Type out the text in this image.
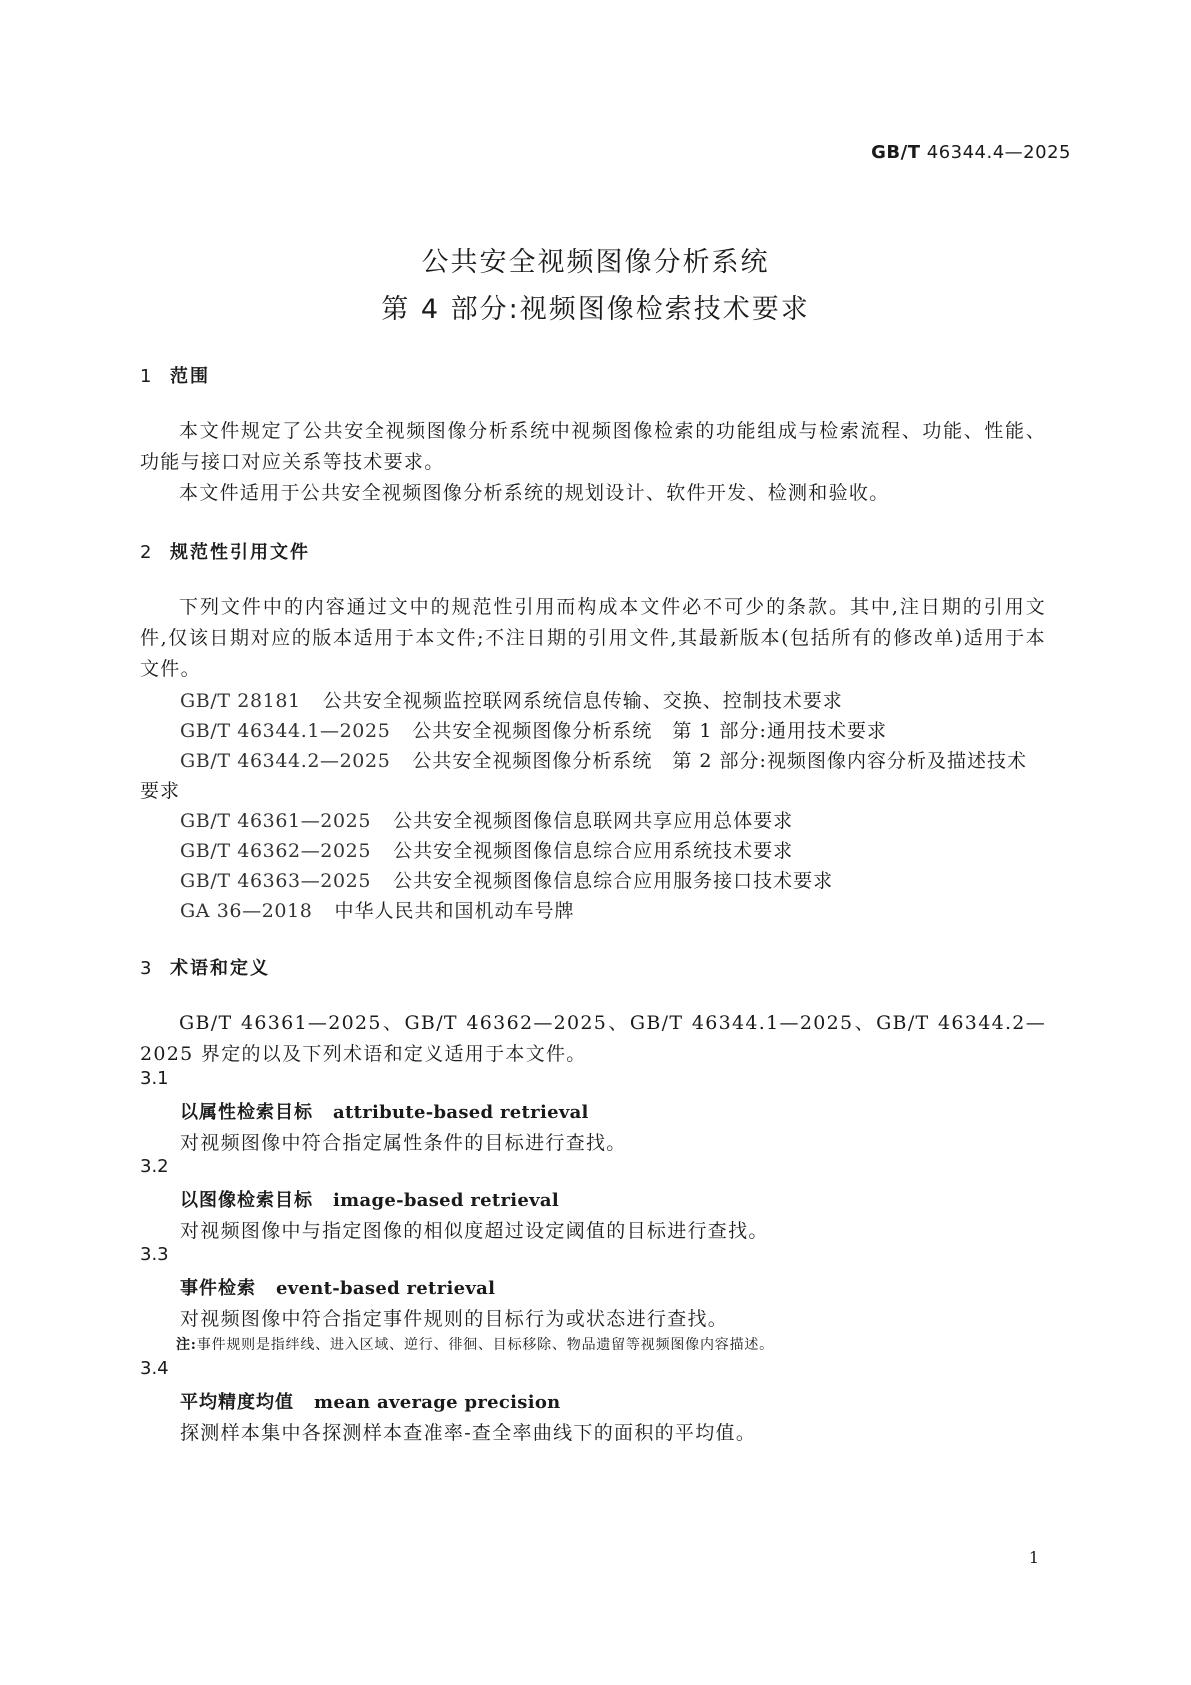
GB/T 46344.4—2025
公共安全视频图像分析系统
第 4 部分:视频图像检索技术要求
1 范围
本文件规定了公共安全视频图像分析系统中视频图像检索的功能组成与检索流程、功能、性能、功能与接口对应关系等技术要求。
本文件适用于公共安全视频图像分析系统的规划设计、软件开发、检测和验收。
2 规范性引用文件
下列文件中的内容通过文中的规范性引用而构成本文件必不可少的条款。其中,注日期的引用文件,仅该日期对应的版本适用于本文件;不注日期的引用文件,其最新版本(包括所有的修改单)适用于本文件。
GB/T 28181 公共安全视频监控联网系统信息传输、交换、控制技术要求
GB/T 46344.1—2025 公共安全视频图像分析系统　第 1 部分:通用技术要求
GB/T 46344.2—2025 公共安全视频图像分析系统　第 2 部分:视频图像内容分析及描述技术
要求
GB/T 46361—2025 公共安全视频图像信息联网共享应用总体要求
GB/T 46362—2025 公共安全视频图像信息综合应用系统技术要求
GB/T 46363—2025 公共安全视频图像信息综合应用服务接口技术要求
GA 36—2018 中华人民共和国机动车号牌
3 术语和定义
GB/T 46361—2025、GB/T 46362—2025、GB/T 46344.1—2025、GB/T 46344.2—2025 界定的以及下列术语和定义适用于本文件。
3.1
以属性检索目标 attribute-based retrieval
对视频图像中符合指定属性条件的目标进行查找。
3.2
以图像检索目标 image-based retrieval
对视频图像中与指定图像的相似度超过设定阈值的目标进行查找。
3.3
事件检索 event-based retrieval
对视频图像中符合指定事件规则的目标行为或状态进行查找。
注:事件规则是指绊线、进入区域、逆行、徘徊、目标移除、物品遗留等视频图像内容描述。
3.4
平均精度均值 mean average precision
探测样本集中各探测样本查准率-查全率曲线下的面积的平均值。
1
